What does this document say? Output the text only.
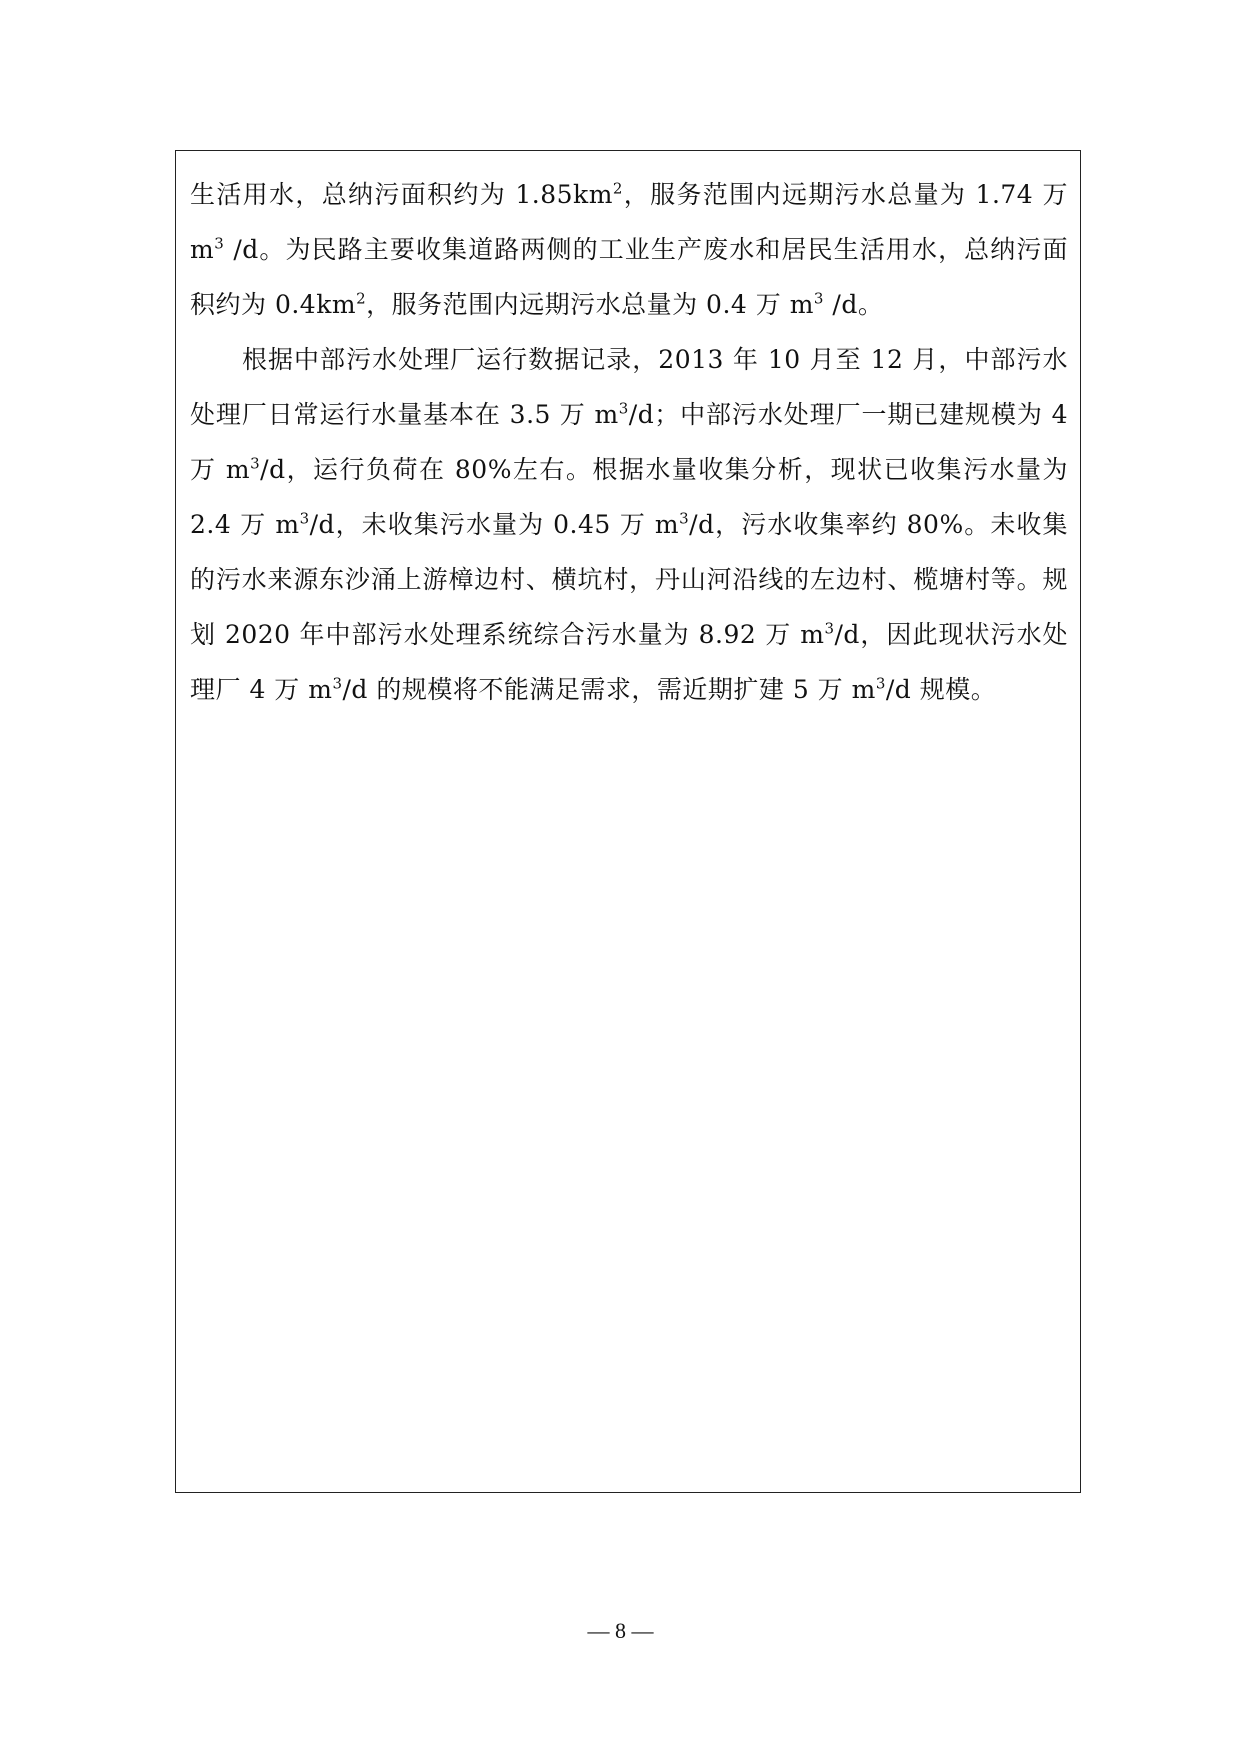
生活用水，总纳污面积约为 $1.85km^2$，服务范围内远期污水总量为 1.74 万 $m^3$ /d。为民路主要收集道路两侧的工业生产废水和居民生活用水，总纳污面积约为 $0.4km^2$，服务范围内远期污水总量为 0.4 万 $m^3$ /d。

根据中部污水处理厂运行数据记录，2013 年 10 月至 12 月，中部污水处理厂日常运行水量基本在 3.5 万 $m^3/d$；中部污水处理厂一期已建规模为 4 万 $m^3/d$，运行负荷在 80%左右。根据水量收集分析，现状已收集污水量为 2.4 万 $m^3/d$，未收集污水量为 0.45 万 $m^3/d$，污水收集率约 80%。未收集的污水来源东沙涌上游樟边村、横坑村，丹山河沿线的左边村、榄塘村等。规划 2020 年中部污水处理系统综合污水量为 8.92 万 $m^3/d$，因此现状污水处理厂 4 万 $m^3/d$ 的规模将不能满足需求，需近期扩建 5 万 $m^3/d$ 规模。

— 8 —
